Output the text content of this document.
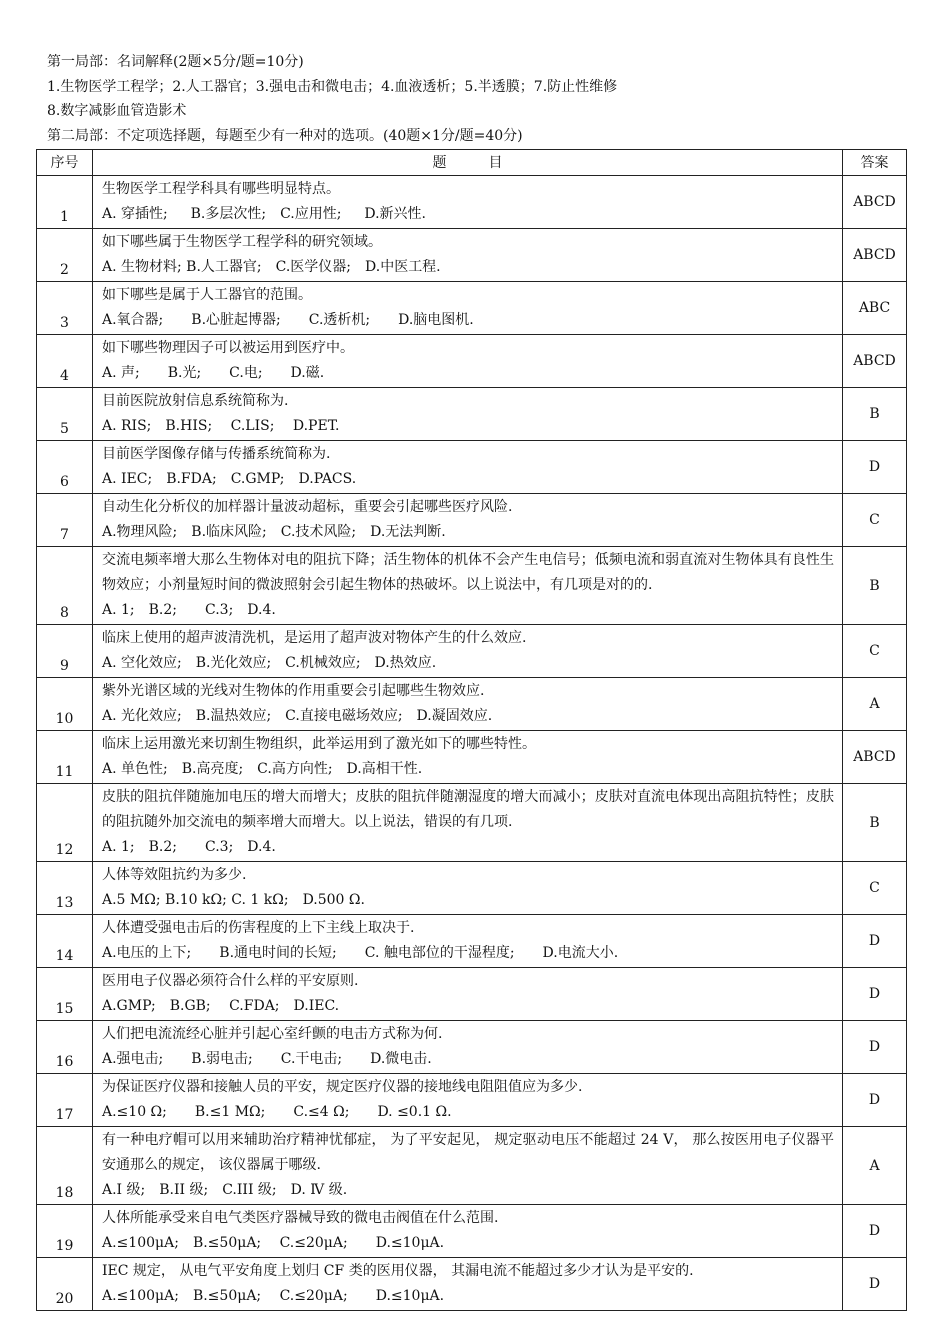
第一局部：名词解释(2题×5分/题=10分)
1.生物医学工程学；2.人工器官；3.强电击和微电击；4.血液透析；5.半透膜；7.防止性维修
8.数字减影血管造影术
第二局部：不定项选择题，每题至少有一种对的选项。(40题×1分/题=40分)
序号	题　　　目	答案
1	生物医学工程学科具有哪些明显特点。
A. 穿插性;　  B.多层次性;　C.应用性;　  D.新兴性.	ABCD
2	如下哪些属于生物医学工程学科的研究领域。
A. 生物材料; B.人工器官;　C.医学仪器;　D.中医工程.	ABCD
3	如下哪些是属于人工器官的范围。
A.氧合器;　　B.心脏起博器;　　C.透析机;　　D.脑电图机.	ABC
4	如下哪些物理因子可以被运用到医疗中。
A. 声;　　B.光;　　C.电;　　D.磁.	ABCD
5	目前医院放射信息系统简称为.
A. RIS;　B.HIS;　 C.LIS;　 D.PET.	B
6	目前医学图像存储与传播系统简称为.
A. IEC;　B.FDA;　C.GMP;　D.PACS.	D
7	自动生化分析仪的加样器计量波动超标，重要会引起哪些医疗风险.
A.物理风险;　B.临床风险;　C.技术风险;　D.无法判断.	C
8	交流电频率增大那么生物体对电的阻抗下降；活生物体的机体不会产生电信号；低频电流和弱直流对生物体具有良性生物效应；小剂量短时间的微波照射会引起生物体的热破坏。以上说法中，有几项是对的的.
A. 1;　B.2;　　C.3;　D.4.	B
9	临床上使用的超声波清洗机，是运用了超声波对物体产生的什么效应.
A. 空化效应;　B.光化效应;　C.机械效应;　D.热效应.	C
10	紫外光谱区域的光线对生物体的作用重要会引起哪些生物效应.
A. 光化效应;　B.温热效应;　C.直接电磁场效应;　D.凝固效应.	A
11	临床上运用激光来切割生物组织，此举运用到了激光如下的哪些特性。
A. 单色性;　B.高亮度;　C.高方向性;　D.高相干性.	ABCD
12	皮肤的阻抗伴随施加电压的增大而增大；皮肤的阻抗伴随潮湿度的增大而减小；皮肤对直流电体现出高阻抗特性；皮肤的阻抗随外加交流电的频率增大而增大。以上说法，错误的有几项.
A. 1;　B.2;　　C.3;　D.4.	B
13	人体等效阻抗约为多少.
A.5 MΩ; B.10 kΩ; C. 1 kΩ;　D.500 Ω.	C
14	人体遭受强电击后的伤害程度的上下主线上取决于.
A.电压的上下;　　B.通电时间的长短;　　C. 触电部位的干湿程度;　　D.电流大小.	D
15	医用电子仪器必须符合什么样的平安原则.
A.GMP;　B.GB;　 C.FDA;　D.IEC.	D
16	人们把电流流经心脏并引起心室纤颤的电击方式称为何.
A.强电击;　　B.弱电击;　　C.干电击;　　D.微电击.	D
17	为保证医疗仪器和接触人员的平安，规定医疗仪器的接地线电阻阻值应为多少.
A.≤10 Ω;　　B.≤1 MΩ;　　C.≤4 Ω;　　D. ≤0.1 Ω.	D
18	有一种电疗帽可以用来辅助治疗精神忧郁症， 为了平安起见， 规定驱动电压不能超过 24 V， 那么按医用电子仪器平安通那么的规定， 该仪器属于哪级.
A.I 级;　B.II 级;　C.III 级;　D. Ⅳ 级.	A
19	人体所能承受来自电气类医疗器械导致的微电击阀值在什么范围.
A.≤100μA;　B.≤50μA;　 C.≤20μA;　　D.≤10μA.	D
20	IEC 规定， 从电气平安角度上划归 CF 类的医用仪器， 其漏电流不能超过多少才认为是平安的.
A.≤100μA;　B.≤50μA;　 C.≤20μA;　　D.≤10μA.	D
